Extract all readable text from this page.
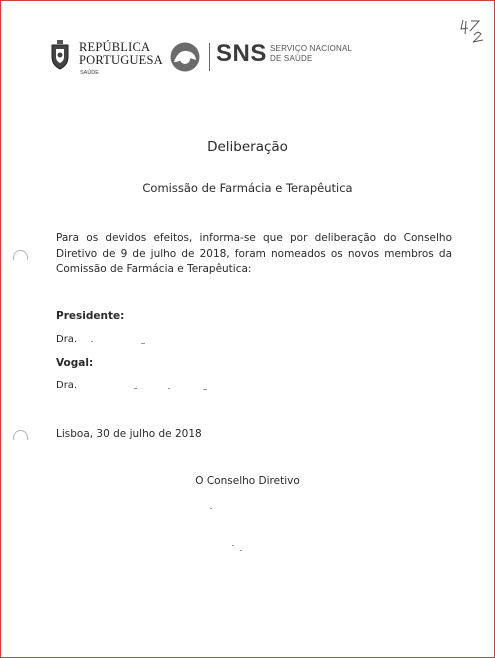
REPÚBLICA
PORTUGUESA
SAÚDE
SNS SERVIÇO NACIONAL
DE SAÚDE
Deliberação
Comissão de Farmácia e Terapêutica
Para os devidos efeitos, informa-se que por deliberação do Conselho Diretivo de 9 de julho de 2018, foram nomeados os novos membros da Comissão de Farmácia e Terapêutica:
Presidente:
Dra.
Vogal:
Dra.
Lisboa, 30 de julho de 2018
O Conselho Diretivo
